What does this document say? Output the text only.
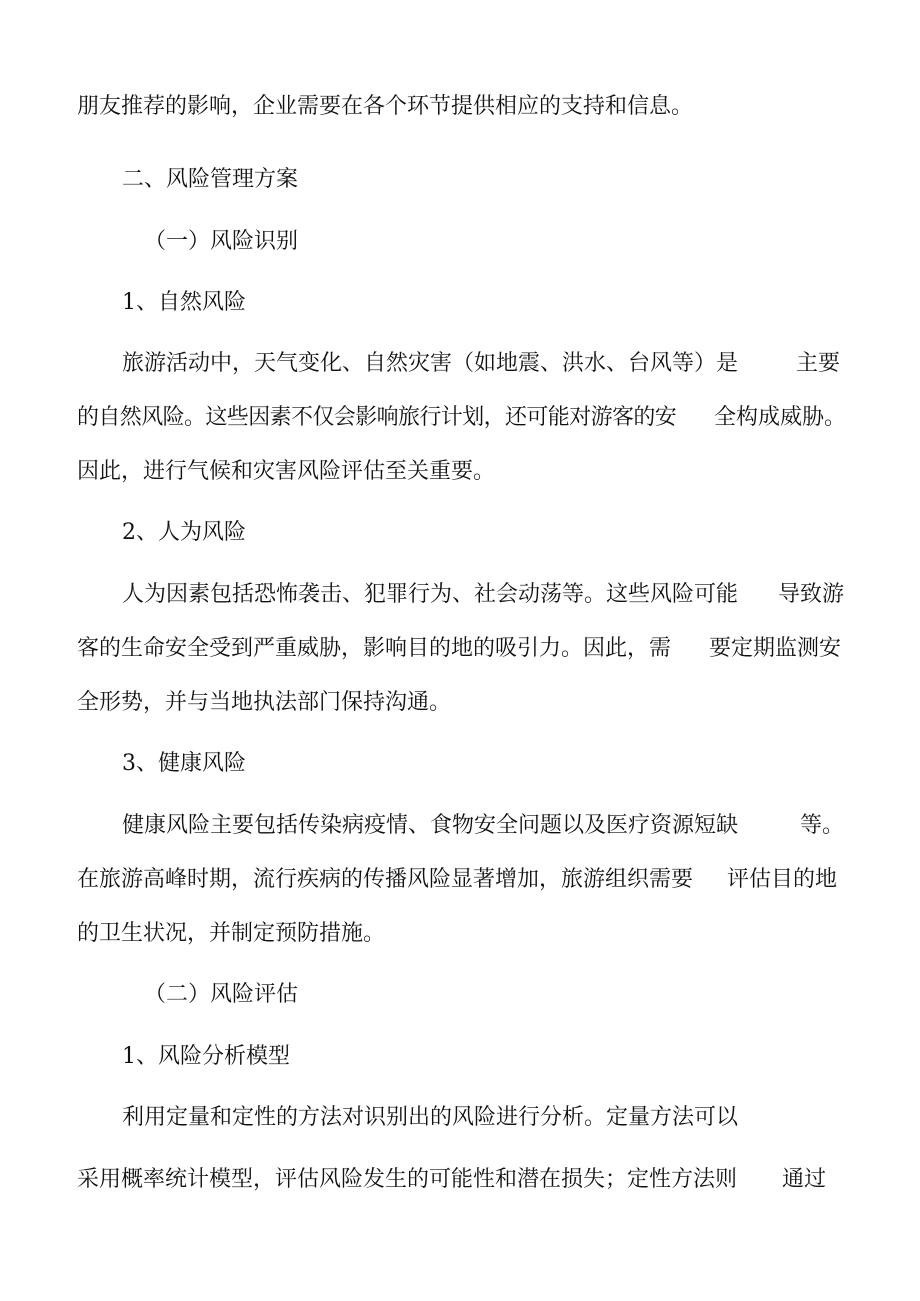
朋友推荐的影响，企业需要在各个环节提供相应的支持和信息。

二、风险管理方案

（一）风险识别

1、自然风险

旅游活动中，天气变化、自然灾害（如地震、洪水、台风等）是	主要

的自然风险。这些因素不仅会影响旅行计划，还可能对游客的安 全构成威胁。

因此，进行气候和灾害风险评估至关重要。

2、人为风险

人为因素包括恐怖袭击、犯罪行为、社会动荡等。这些风险可能 导致游

客的生命安全受到严重威胁，影响目的地的吸引力。因此，需 要定期监测安

全形势，并与当地执法部门保持沟通。

3、健康风险

健康风险主要包括传染病疫情、食物安全问题以及医疗资源短缺	等。

在旅游高峰时期，流行疾病的传播风险显著增加，旅游组织需要 评估目的地

的卫生状况，并制定预防措施。

（二）风险评估

1、风险分析模型

利用定量和定性的方法对识别出的风险进行分析。定量方法可以

采用概率统计模型，评估风险发生的可能性和潜在损失；定性方法则 通过
